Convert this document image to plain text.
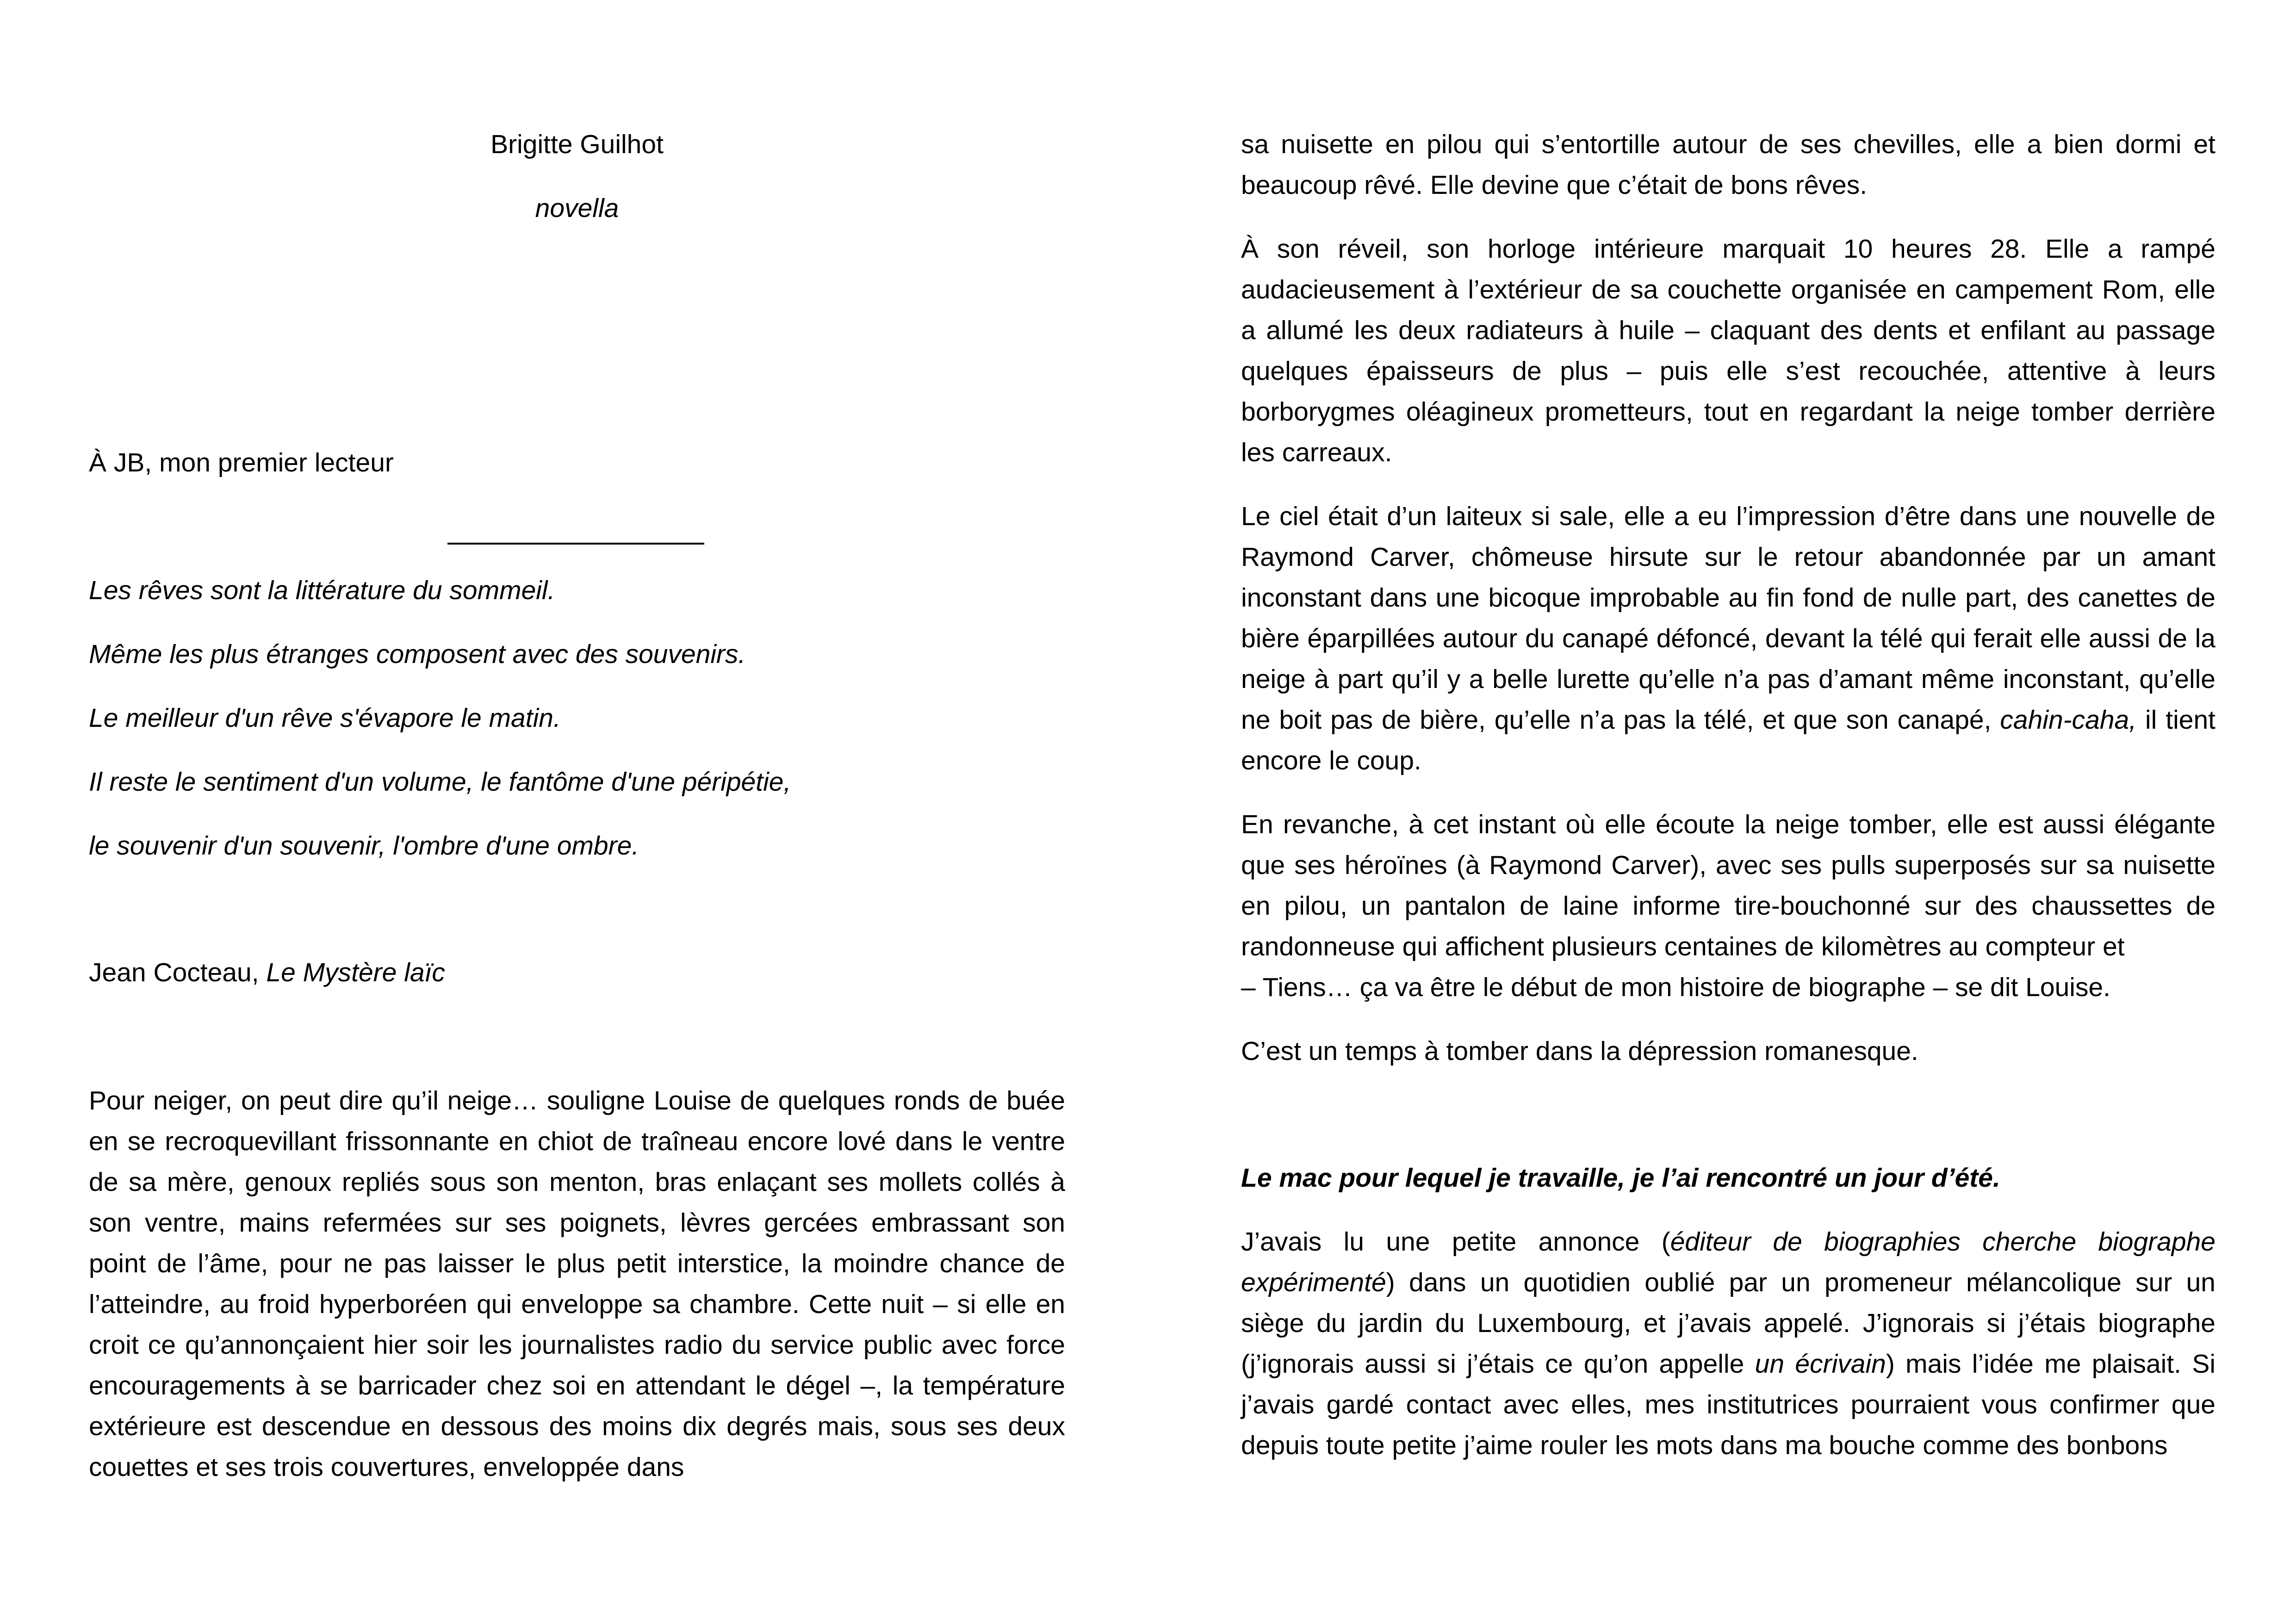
Brigitte Guilhot

novella

À JB, mon premier lecteur

Les rêves sont la littérature du sommeil.

Même les plus étranges composent avec des souvenirs.

Le meilleur d'un rêve s'évapore le matin.

Il reste le sentiment d'un volume, le fantôme d'une péripétie,

le souvenir d'un souvenir, l'ombre d'une ombre.

Jean Cocteau, Le Mystère laïc

Pour neiger, on peut dire qu’il neige… souligne Louise de quelques ronds de buée en se recroquevillant frissonnante en chiot de traîneau encore lové dans le ventre de sa mère, genoux repliés sous son menton, bras enlaçant ses mollets collés à son ventre, mains refermées sur ses poignets, lèvres gercées embrassant son point de l’âme, pour ne pas laisser le plus petit interstice, la moindre chance de l’atteindre, au froid hyperboréen qui enveloppe sa chambre. Cette nuit – si elle en croit ce qu’annonçaient hier soir les journalistes radio du service public avec force encouragements à se barricader chez soi en attendant le dégel –, la température extérieure est descendue en dessous des moins dix degrés mais, sous ses deux couettes et ses trois couvertures, enveloppée dans

sa nuisette en pilou qui s’entortille autour de ses chevilles, elle a bien dormi et beaucoup rêvé. Elle devine que c’était de bons rêves.

À son réveil, son horloge intérieure marquait 10 heures 28. Elle a rampé audacieusement à l’extérieur de sa couchette organisée en campement Rom, elle a allumé les deux radiateurs à huile – claquant des dents et enfilant au passage quelques épaisseurs de plus – puis elle s’est recouchée, attentive à leurs borborygmes oléagineux prometteurs, tout en regardant la neige tomber derrière les carreaux.

Le ciel était d’un laiteux si sale, elle a eu l’impression d’être dans une nouvelle de Raymond Carver, chômeuse hirsute sur le retour abandonnée par un amant inconstant dans une bicoque improbable au fin fond de nulle part, des canettes de bière éparpillées autour du canapé défoncé, devant la télé qui ferait elle aussi de la neige à part qu’il y a belle lurette qu’elle n’a pas d’amant même inconstant, qu’elle ne boit pas de bière, qu’elle n’a pas la télé, et que son canapé, cahin-caha, il tient encore le coup.

En revanche, à cet instant où elle écoute la neige tomber, elle est aussi élégante que ses héroïnes (à Raymond Carver), avec ses pulls superposés sur sa nuisette en pilou, un pantalon de laine informe tire-bouchonné sur des chaussettes de randonneuse qui affichent plusieurs centaines de kilomètres au compteur et

– Tiens… ça va être le début de mon histoire de biographe – se dit Louise.

C’est un temps à tomber dans la dépression romanesque.

Le mac pour lequel je travaille, je l’ai rencontré un jour d’été.

J’avais lu une petite annonce (éditeur de biographies cherche biographe expérimenté) dans un quotidien oublié par un promeneur mélancolique sur un siège du jardin du Luxembourg, et j’avais appelé. J’ignorais si j’étais biographe (j’ignorais aussi si j’étais ce qu’on appelle un écrivain) mais l’idée me plaisait. Si j’avais gardé contact avec elles, mes institutrices pourraient vous confirmer que depuis toute petite j’aime rouler les mots dans ma bouche comme des bonbons
